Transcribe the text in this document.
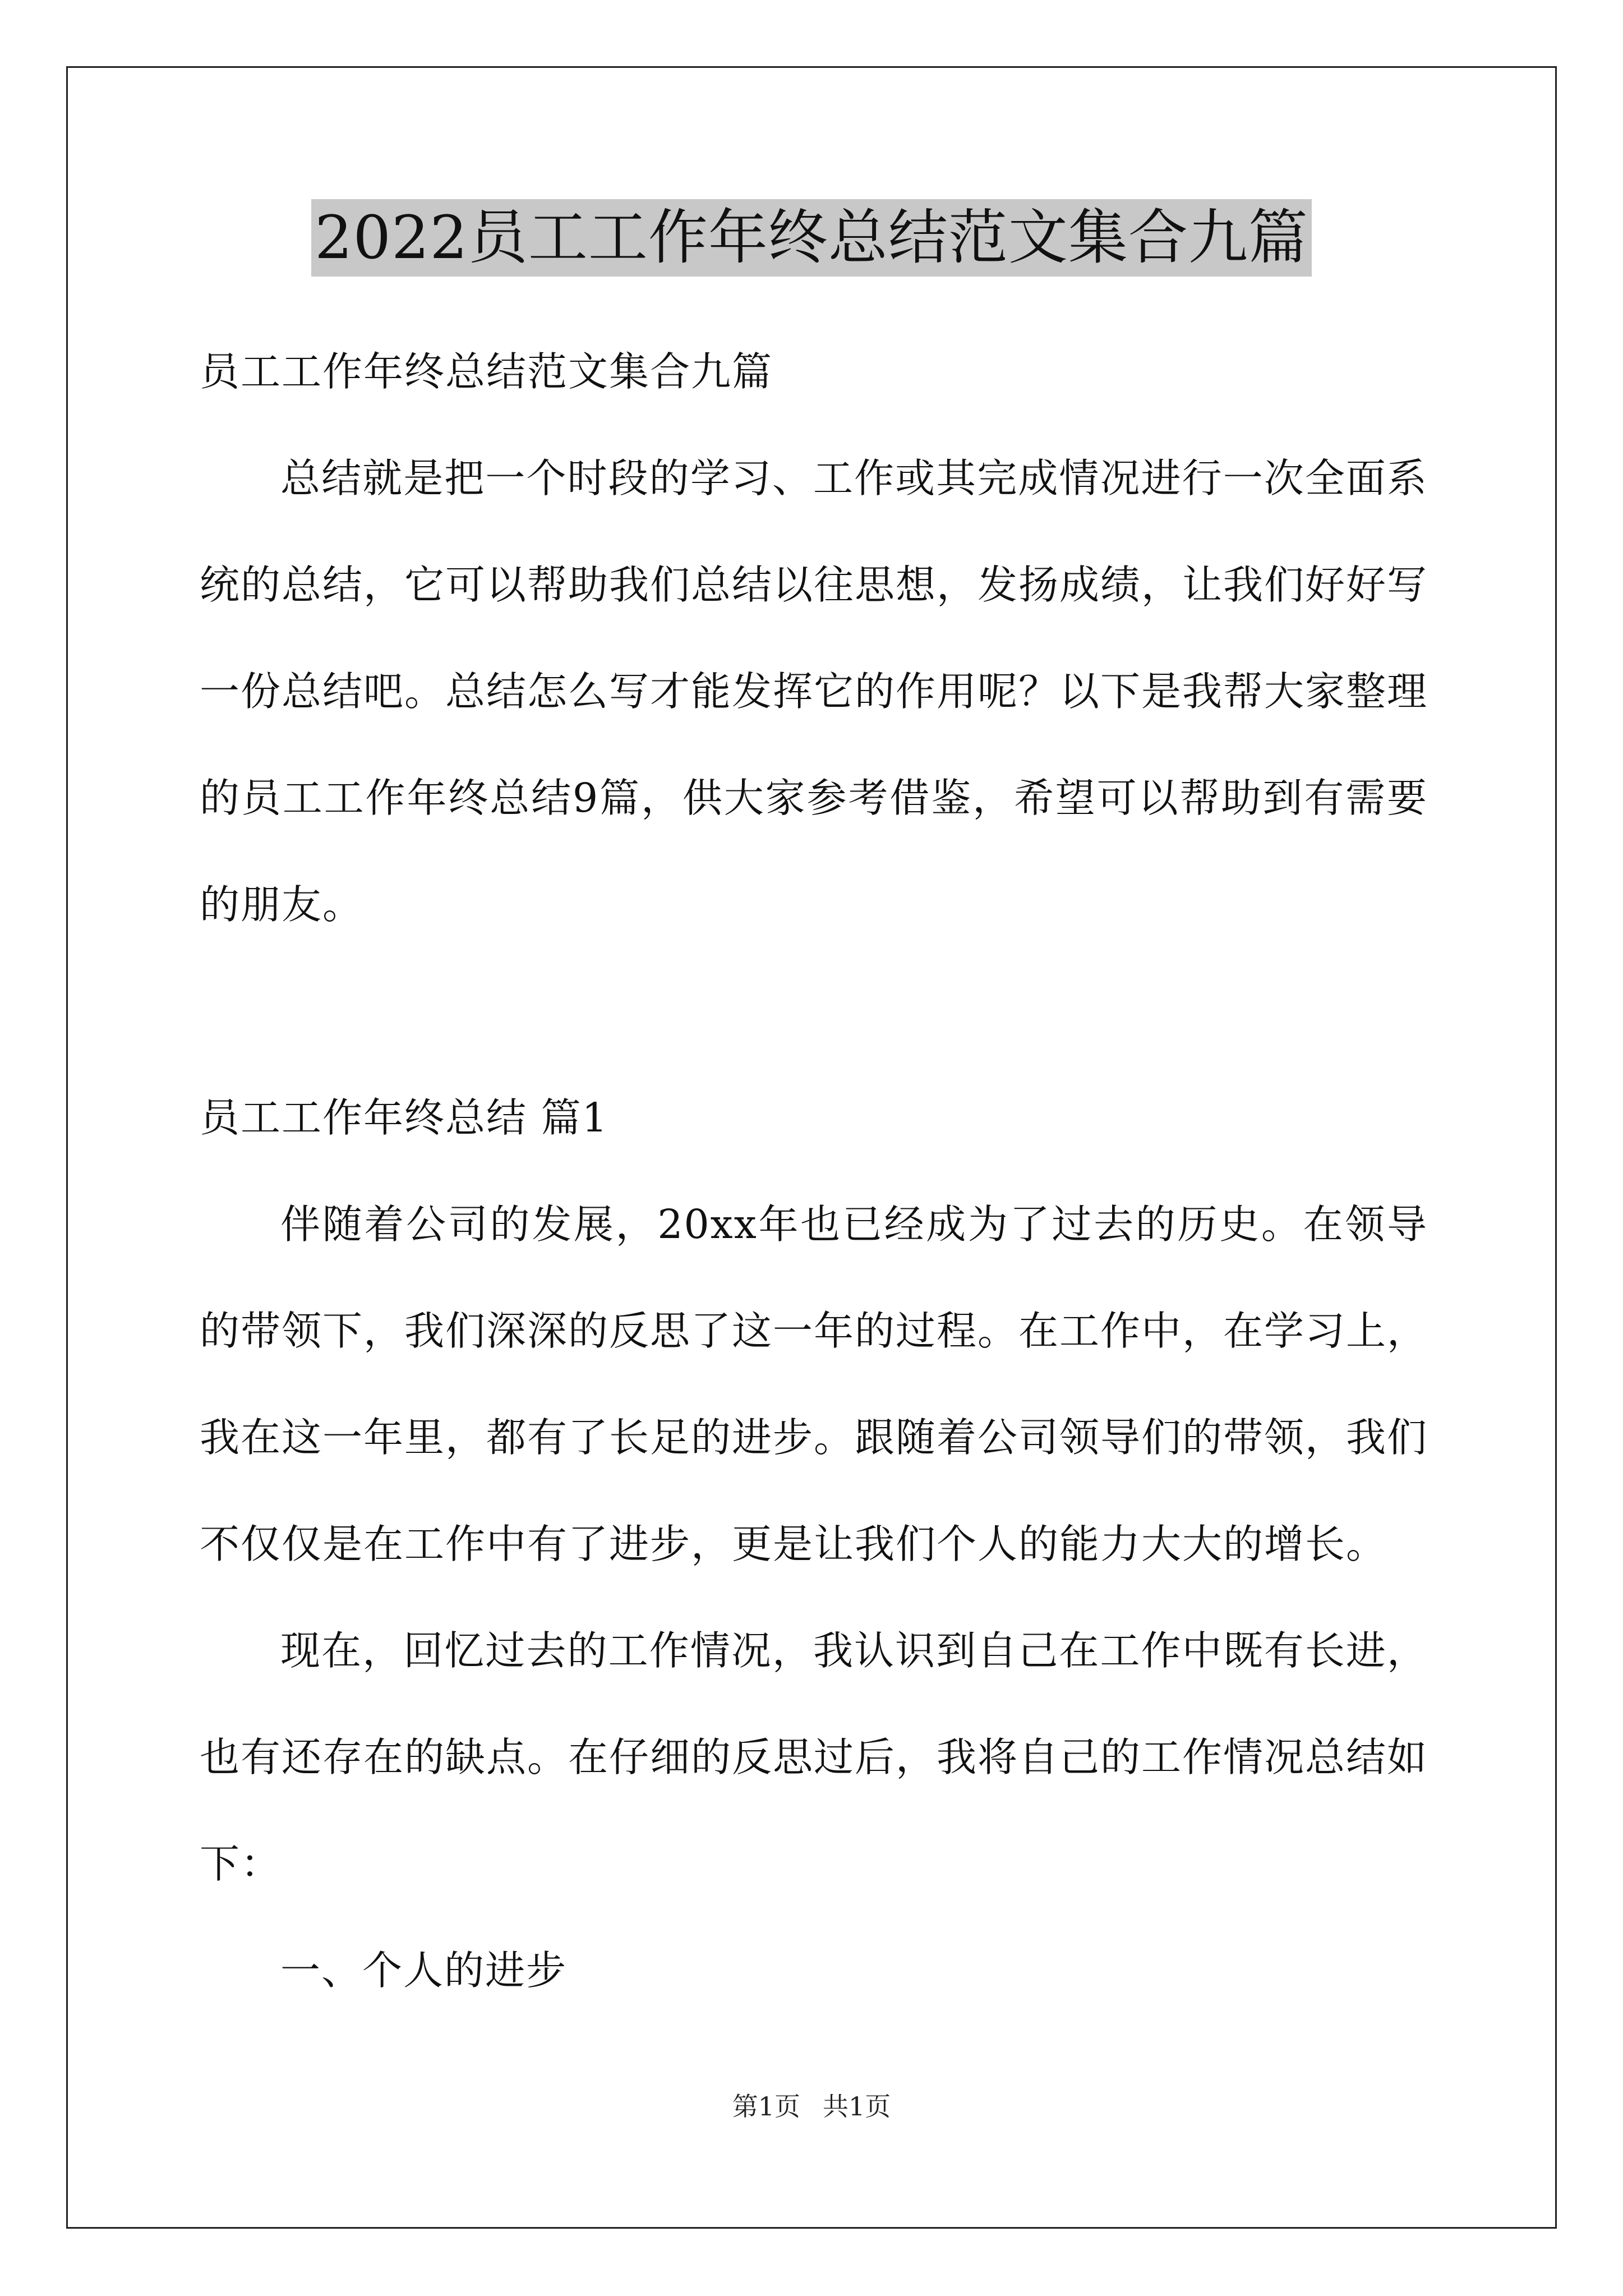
2022员工工作年终总结范文集合九篇

员工工作年终总结范文集合九篇

总结就是把一个时段的学习、工作或其完成情况进行一次全面系统的总结，它可以帮助我们总结以往思想，发扬成绩，让我们好好写一份总结吧。总结怎么写才能发挥它的作用呢？以下是我帮大家整理的员工工作年终总结9篇，供大家参考借鉴，希望可以帮助到有需要的朋友。

员工工作年终总结 篇1

伴随着公司的发展，20xx年也已经成为了过去的历史。在领导的带领下，我们深深的反思了这一年的过程。在工作中，在学习上，我在这一年里，都有了长足的进步。跟随着公司领导们的带领，我们不仅仅是在工作中有了进步，更是让我们个人的能力大大的增长。

现在，回忆过去的工作情况，我认识到自己在工作中既有长进，也有还存在的缺点。在仔细的反思过后，我将自己的工作情况总结如下：

一、个人的进步

第1页 共1页
